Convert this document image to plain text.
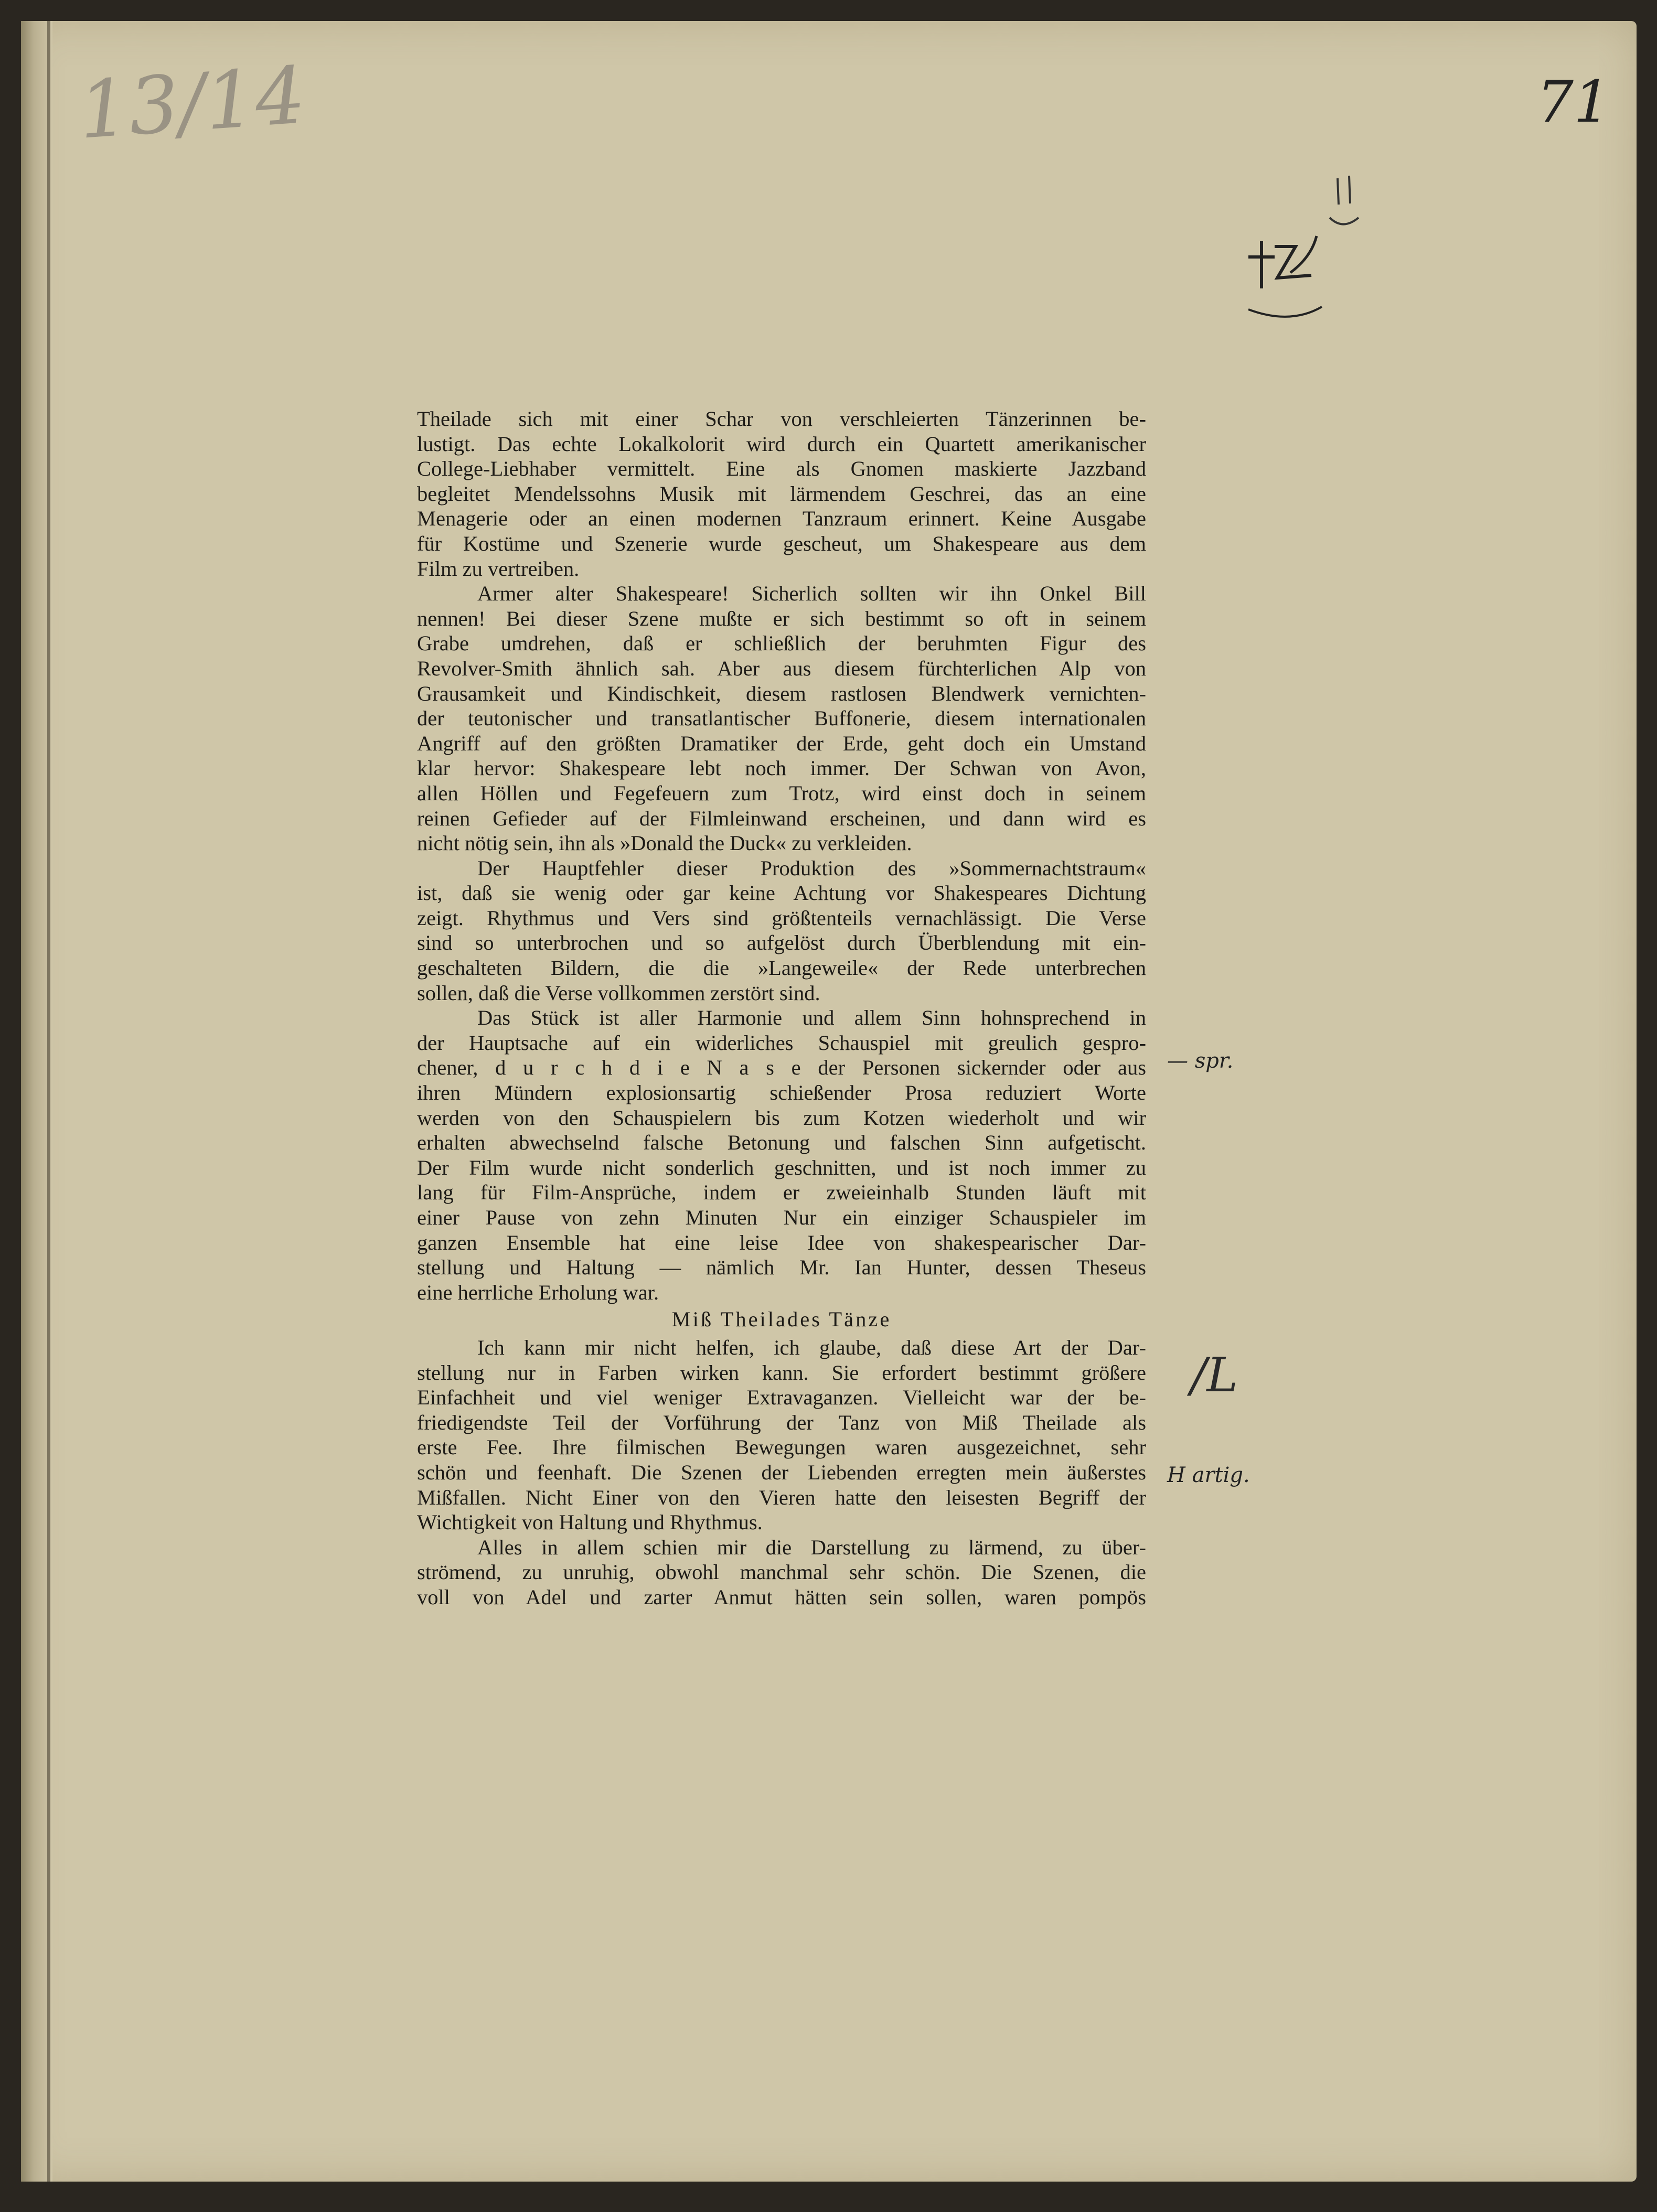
13/14	71

Theilade sich mit einer Schar von verschleierten Tänzerinnen be-
lustigt. Das echte Lokalkolorit wird durch ein Quartett amerikanischer
College-Liebhaber vermittelt. Eine als Gnomen maskierte Jazzband
begleitet Mendelssohns Musik mit lärmendem Geschrei, das an eine
Menagerie oder an einen modernen Tanzraum erinnert. Keine Ausgabe
für Kostüme und Szenerie wurde gescheut, um Shakespeare aus dem
Film zu vertreiben.

Armer alter Shakespeare! Sicherlich sollten wir ihn Onkel Bill
nennen! Bei dieser Szene mußte er sich bestimmt so oft in seinem
Grabe umdrehen, daß er schließlich der beruhmten Figur des
Revolver-Smith ähnlich sah. Aber aus diesem fürchterlichen Alp von
Grausamkeit und Kindischkeit, diesem rastlosen Blendwerk vernichten-
der teutonischer und transatlantischer Buffonerie, diesem internationalen
Angriff auf den größten Dramatiker der Erde, geht doch ein Umstand
klar hervor: Shakespeare lebt noch immer. Der Schwan von Avon,
allen Höllen und Fegefeuern zum Trotz, wird einst doch in seinem
reinen Gefieder auf der Filmleinwand erscheinen, und dann wird es
nicht nötig sein, ihn als »Donald the Duck« zu verkleiden.

Der Hauptfehler dieser Produktion des »Sommernachtstraum«
ist, daß sie wenig oder gar keine Achtung vor Shakespeares Dichtung
zeigt. Rhythmus und Vers sind größtenteils vernachlässigt. Die Verse
sind so unterbrochen und so aufgelöst durch Überblendung mit ein-
geschalteten Bildern, die die »Langeweile« der Rede unterbrechen
sollen, daß die Verse vollkommen zerstört sind.

Das Stück ist aller Harmonie und allem Sinn hohnsprechend in
der Hauptsache auf ein widerliches Schauspiel mit greulich gespro-
chener, d u r c h d i e N a s e der Personen sickernder oder aus
ihren Mündern explosionsartig schießender Prosa reduziert Worte
werden von den Schauspielern bis zum Kotzen wiederholt und wir
erhalten abwechselnd falsche Betonung und falschen Sinn aufgetischt.
Der Film wurde nicht sonderlich geschnitten, und ist noch immer zu
lang für Film-Ansprüche, indem er zweieinhalb Stunden läuft mit
einer Pause von zehn Minuten Nur ein einziger Schauspieler im
ganzen Ensemble hat eine leise Idee von shakespearischer Dar-
stellung und Haltung — nämlich Mr. Ian Hunter, dessen Theseus
eine herrliche Erholung war.

Miß Theilades Tänze

Ich kann mir nicht helfen, ich glaube, daß diese Art der Dar-
stellung nur in Farben wirken kann. Sie erfordert bestimmt größere
Einfachheit und viel weniger Extravaganzen. Vielleicht war der be-
friedigendste Teil der Vorführung der Tanz von Miß Theilade als
erste Fee. Ihre filmischen Bewegungen waren ausgezeichnet, sehr
schön und feenhaft. Die Szenen der Liebenden erregten mein äußerstes
Mißfallen. Nicht Einer von den Vieren hatte den leisesten Begriff der
Wichtigkeit von Haltung und Rhythmus.

Alles in allem schien mir die Darstellung zu lärmend, zu über-
strömend, zu unruhig, obwohl manchmal sehr schön. Die Szenen, die
voll von Adel und zarter Anmut hätten sein sollen, waren pompös

— spr.
/L
H artig.
